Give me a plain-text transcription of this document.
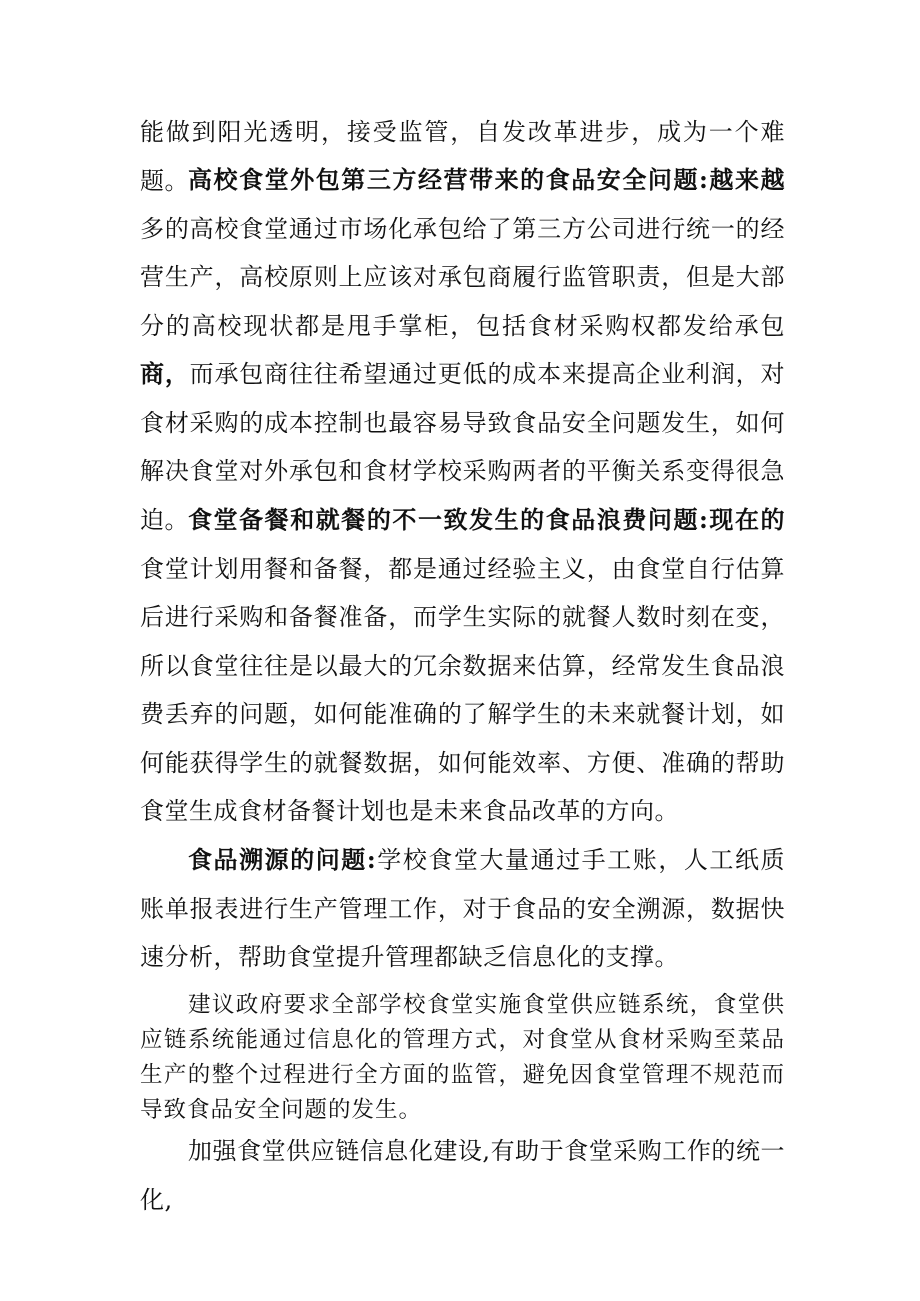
能做到阳光透明，接受监管，自发改革进步，成为一个难题。 高校食堂外包第三方经营带来的食品安全问题:越来越多的高校食堂通过市场化承包给了第三方公司进行统一的经营生产，高校原则上应该对承包商履行监管职责，但是大部分的高校现状都是甩手掌柜，包括食材采购权都发给承包商，而承包商往往希望通过更低的成本来提高企业利润，对食材采购的成本控制也最容易导致食品安全问题发生，如何解决食堂对外承包和食材学校采购两者的平衡关系变得很急迫。 食堂备餐和就餐的不一致发生的食品浪费问题:现在的食堂计划用餐和备餐，都是通过经验主义，由食堂自行估算后进行采购和备餐准备，而学生实际的就餐人数时刻在变，所以食堂往往是以最大的冗余数据来估算，经常发生食品浪费丢弃的问题，如何能准确的了解学生的未来就餐计划，如何能获得学生的就餐数据，如何能效率、方便、准确的帮助食堂生成食材备餐计划也是未来食品改革的方向。

食品溯源的问题:学校食堂大量通过手工账，人工纸质账单报表进行生产管理工作，对于食品的安全溯源，数据快速分析，帮助食堂提升管理都缺乏信息化的支撑。

建议政府要求全部学校食堂实施食堂供应链系统，食堂供应链系统能通过信息化的管理方式，对食堂从食材采购至菜品生产的整个过程进行全方面的监管，避免因食堂管理不规范而导致食品安全问题的发生。

加强食堂供应链信息化建设,有助于食堂采购工作的统一化,
